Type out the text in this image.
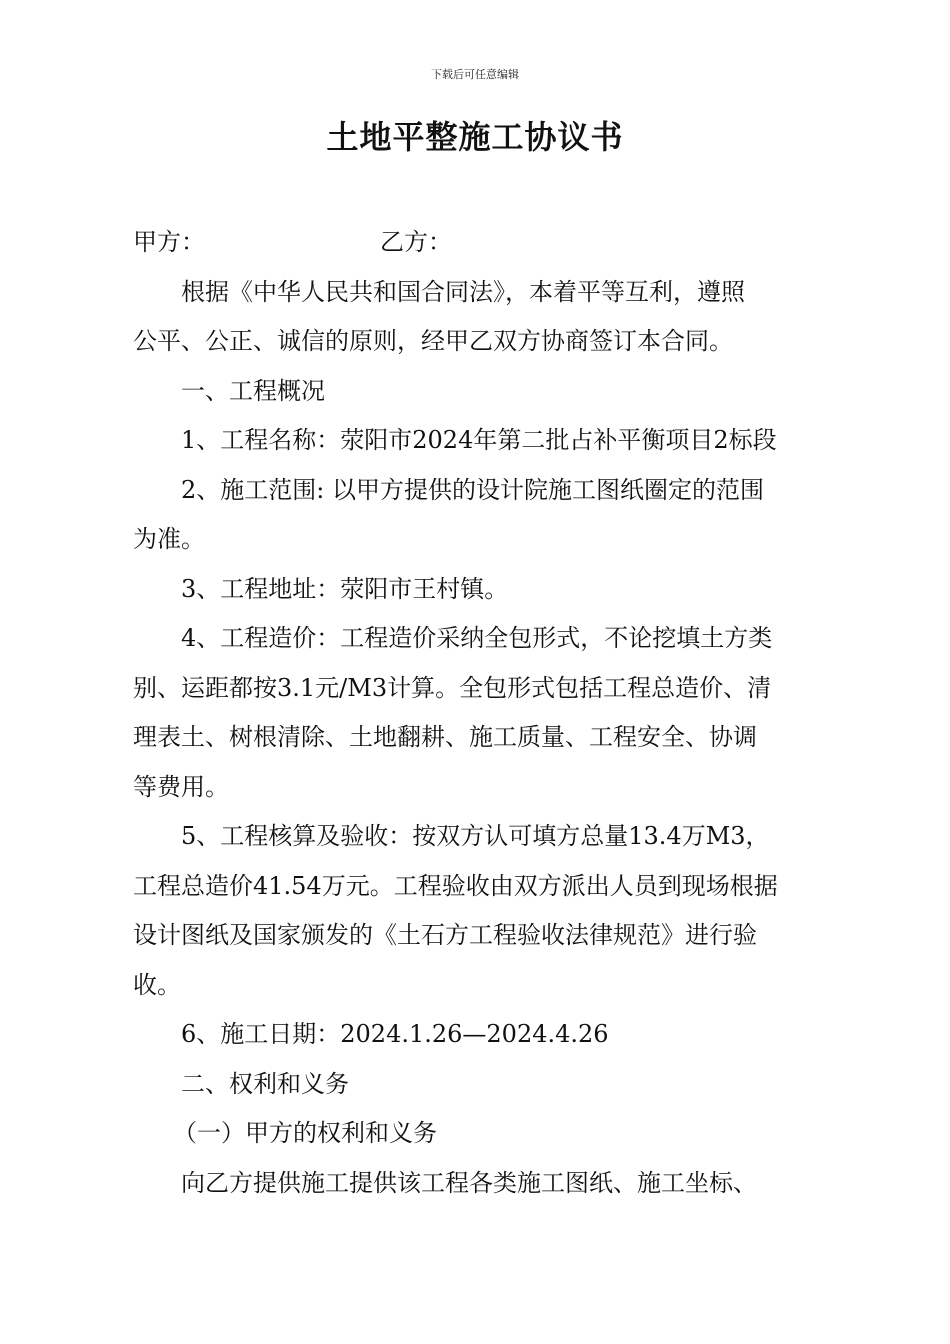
下载后可任意编辑
土地平整施工协议书
甲方：	乙方：
根据《中华人民共和国合同法》，本着平等互利，遵照
公平、公正、诚信的原则，经甲乙双方协商签订本合同。
一、工程概况
1、工程名称：荥阳市2024年第二批占补平衡项目2标段
2、施工范围: 以甲方提供的设计院施工图纸圈定的范围
为准。
3、工程地址：荥阳市王村镇。
4、工程造价：工程造价采纳全包形式，不论挖填土方类
别、运距都按3.1元/M3计算。全包形式包括工程总造价、清
理表土、树根清除、土地翻耕、施工质量、工程安全、协调
等费用。
5、工程核算及验收：按双方认可填方总量13.4万M3，
工程总造价41.54万元。工程验收由双方派出人员到现场根据
设计图纸及国家颁发的《土石方工程验收法律规范》进行验
收。
6、施工日期：2024.1.26—2024.4.26
二、权利和义务
（一）甲方的权利和义务
向乙方提供施工提供该工程各类施工图纸、施工坐标、
